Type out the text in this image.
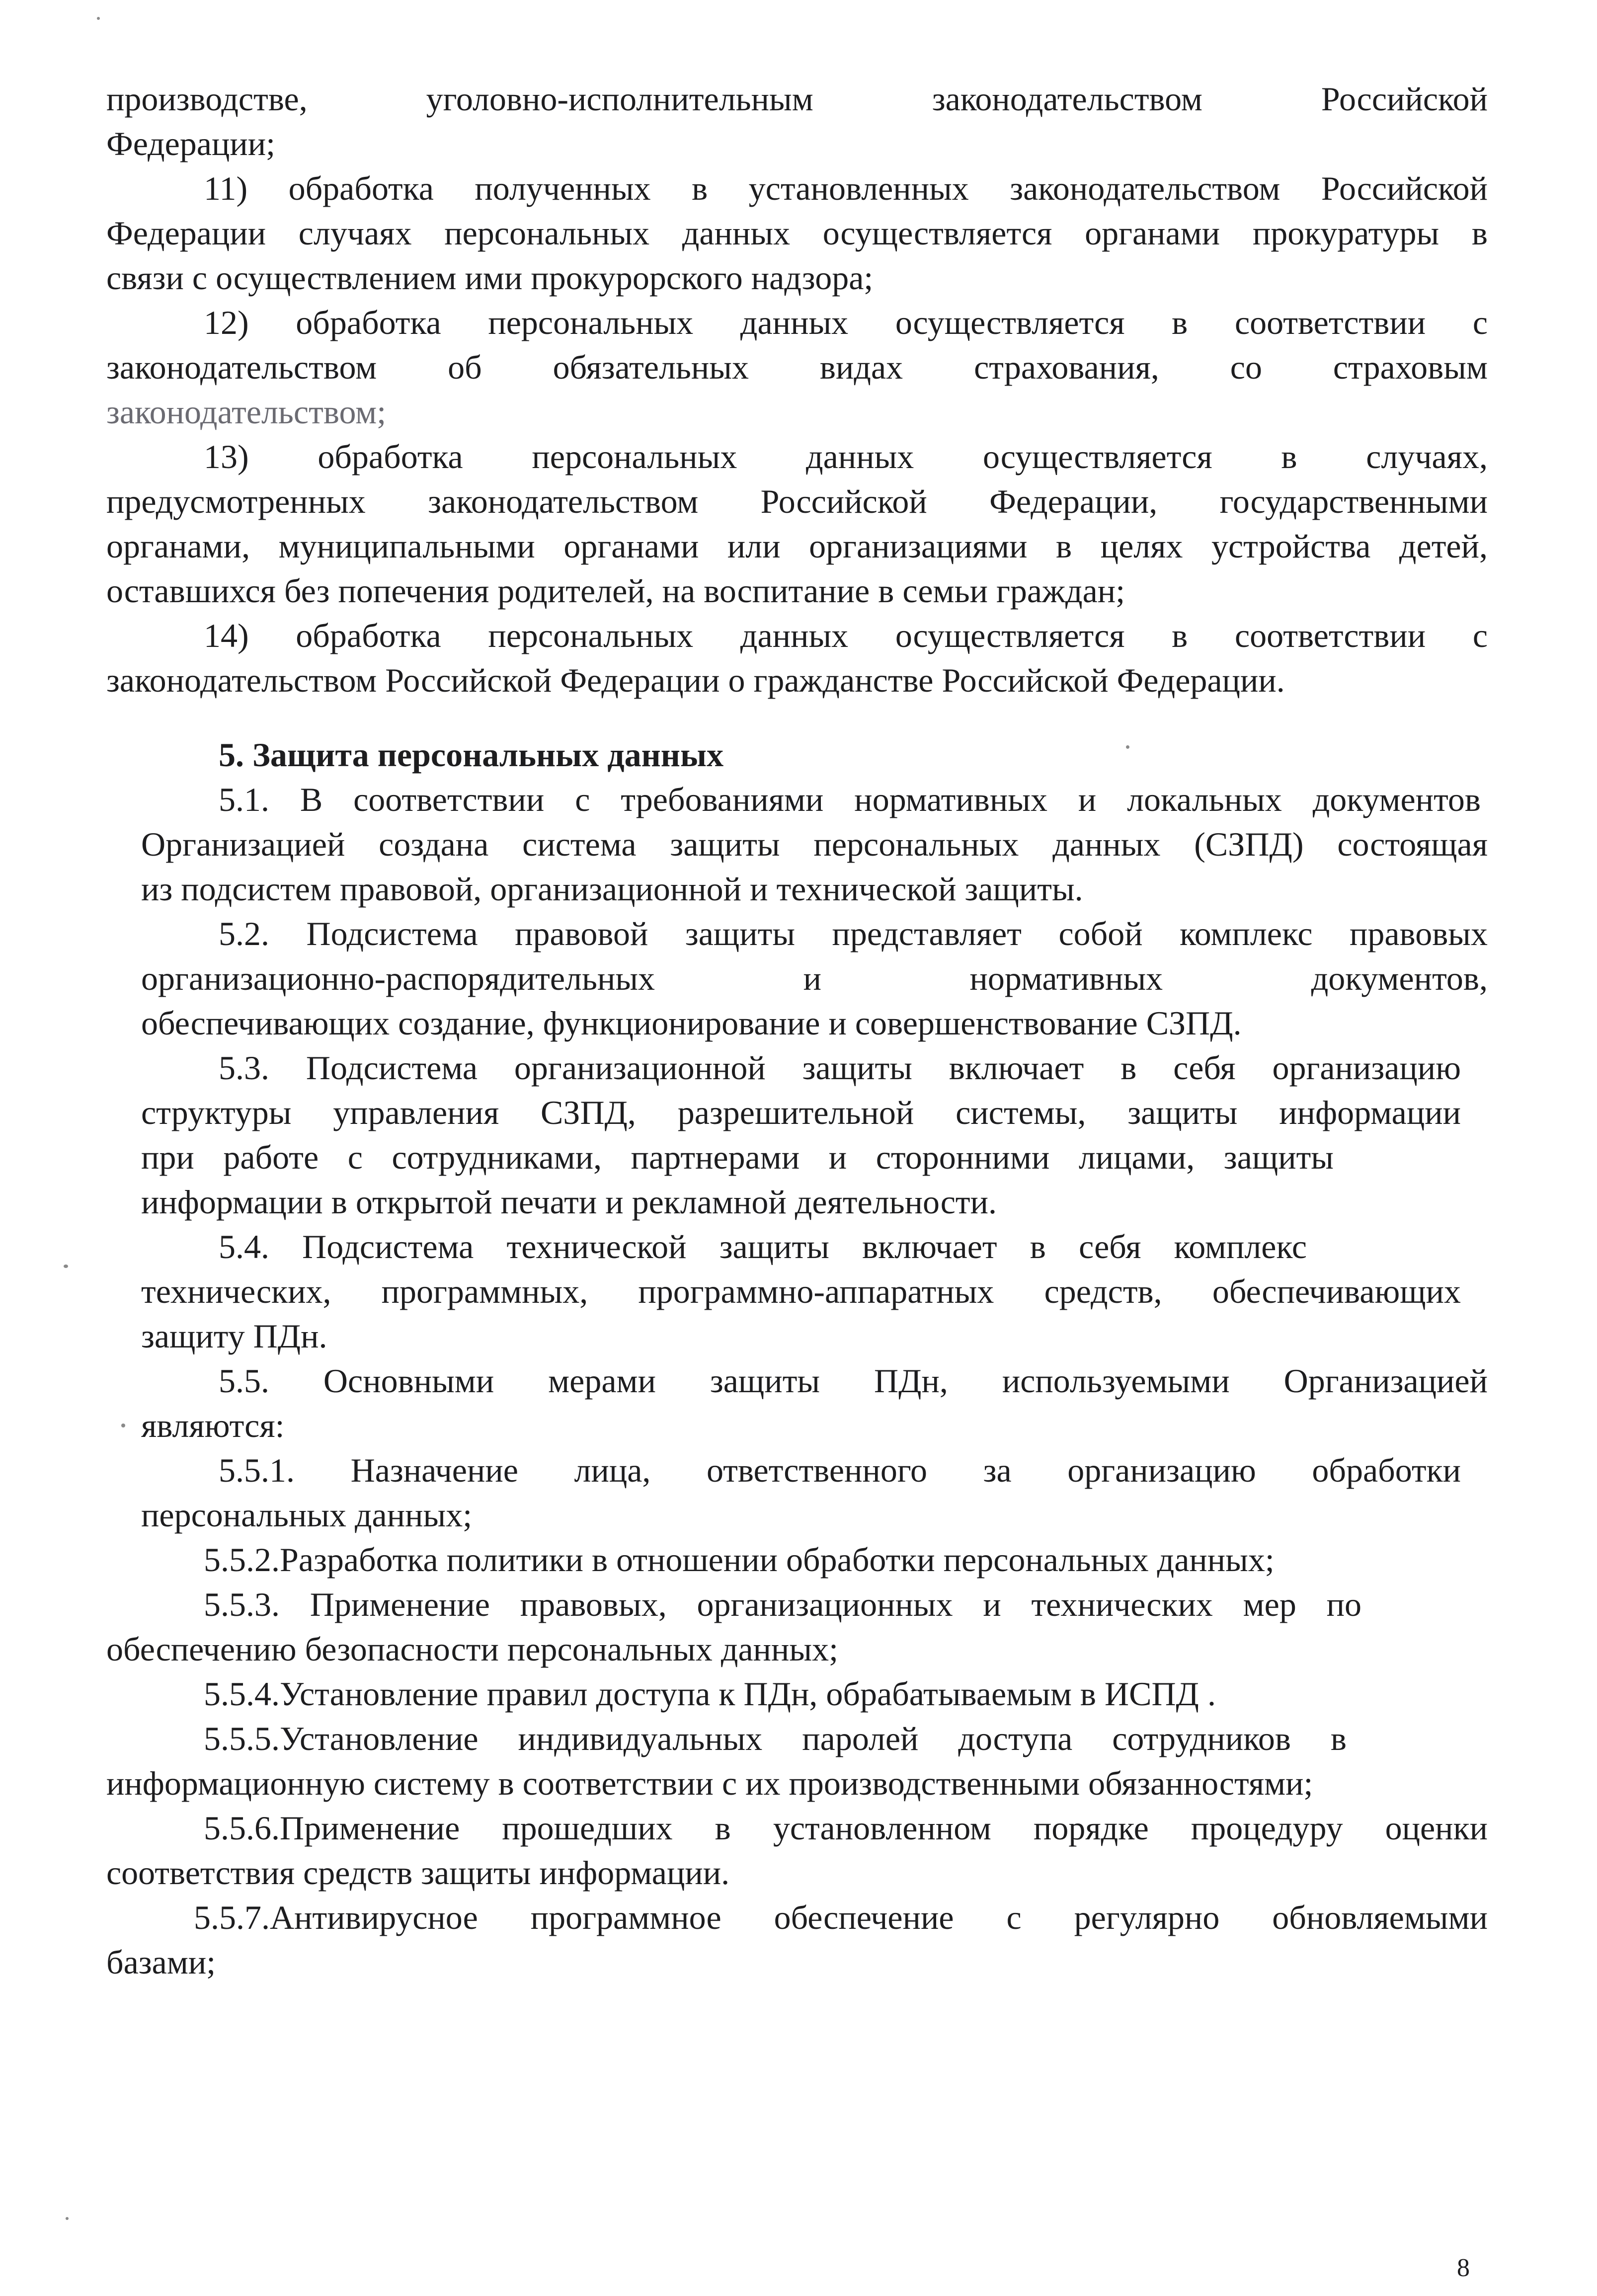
производстве, уголовно-исполнительным законодательством Российской
Федерации;
11) обработка полученных в установленных законодательством Российской
Федерации случаях персональных данных осуществляется органами прокуратуры в
связи с осуществлением ими прокурорского надзора;
12) обработка персональных данных осуществляется в соответствии с
законодательством об обязательных видах страхования, со страховым
законодательством;
13) обработка персональных данных осуществляется в случаях,
предусмотренных законодательством Российской Федерации, государственными
органами, муниципальными органами или организациями в целях устройства детей,
оставшихся без попечения родителей, на воспитание в семьи граждан;
14) обработка персональных данных осуществляется в соответствии с
законодательством Российской Федерации о гражданстве Российской Федерации.
5. Защита персональных данных
5.1. В соответствии с требованиями нормативных и локальных документов
Организацией создана система защиты персональных данных (СЗПД) состоящая
из подсистем правовой, организационной и технической защиты.
5.2. Подсистема правовой защиты представляет собой комплекс правовых
организационно-распорядительных и нормативных документов,
обеспечивающих создание, функционирование и совершенствование СЗПД.
5.3. Подсистема организационной защиты включает в себя организацию
структуры управления СЗПД, разрешительной системы, защиты информации
при работе с сотрудниками, партнерами и сторонними лицами, защиты
информации в открытой печати и рекламной деятельности.
5.4. Подсистема технической защиты включает в себя комплекс
технических, программных, программно-аппаратных средств, обеспечивающих
защиту ПДн.
5.5. Основными мерами защиты ПДн, используемыми Организацией
являются:
5.5.1. Назначение лица, ответственного за организацию обработки
персональных данных;
5.5.2.Разработка политики в отношении обработки персональных данных;
5.5.3. Применение правовых, организационных и технических мер по
обеспечению безопасности персональных данных;
5.5.4.Установление правил доступа к ПДн, обрабатываемым в ИСПД .
5.5.5.Установление индивидуальных паролей доступа сотрудников в
информационную систему в соответствии с их производственными обязанностями;
5.5.6.Применение прошедших в установленном порядке процедуру оценки
соответствия средств защиты информации.
5.5.7.Антивирусное программное обеспечение с регулярно обновляемыми
базами;
8
